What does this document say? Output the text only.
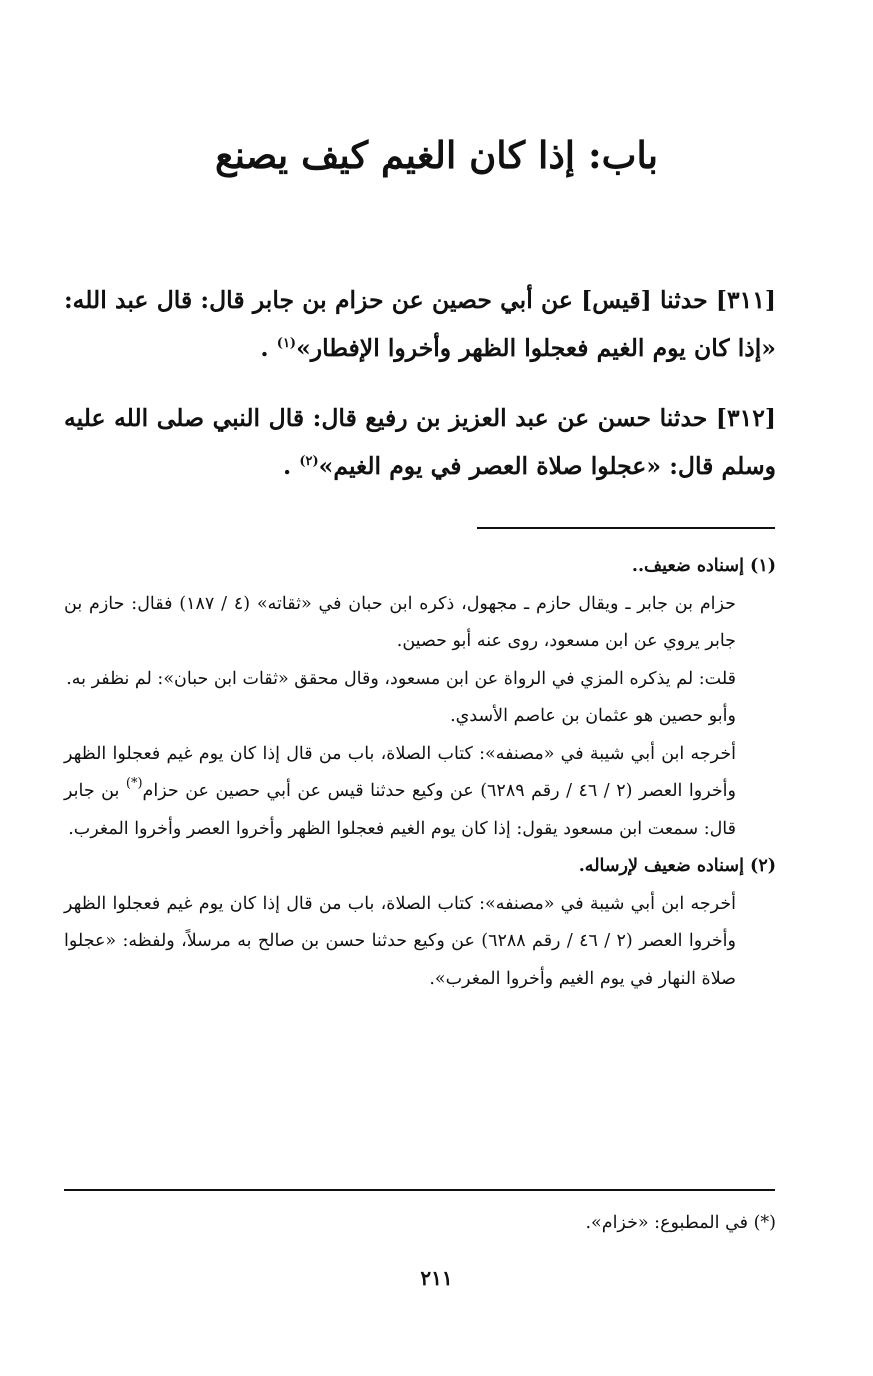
باب: إذا كان الغيم كيف يصنع

[٣١١] حدثنا [قيس] عن أبي حصين عن حزام بن جابر قال: قال عبد الله: «إذا كان يوم الغيم فعجلوا الظهر وأخروا الإفطار»$^{(١)}$ .

[٣١٢] حدثنا حسن عن عبد العزيز بن رفيع قال: قال النبي صلى الله عليه وسلم قال: «عجلوا صلاة العصر في يوم الغيم»$^{(٢)}$ .

(١) إسناده ضعيف..

حزام بن جابر ـ ويقال حازم ـ مجهول، ذكره ابن حبان في «ثقاته» (٤ / ١٨٧) فقال: حازم بن جابر يروي عن ابن مسعود، روى عنه أبو حصين.

قلت: لم يذكره المزي في الرواة عن ابن مسعود، وقال محقق «ثقات ابن حبان»: لم نظفر به.

وأبو حصين هو عثمان بن عاصم الأسدي.

أخرجه ابن أبي شيبة في «مصنفه»: كتاب الصلاة، باب من قال إذا كان يوم غيم فعجلوا الظهر وأخروا العصر (٢ / ٤٦ / رقم ٦٢٨٩) عن وكيع حدثنا قيس عن أبي حصين عن حزام(*) بن جابر قال: سمعت ابن مسعود يقول: إذا كان يوم الغيم فعجلوا الظهر وأخروا العصر وأخروا المغرب.

(٢) إسناده ضعيف لإرساله.

أخرجه ابن أبي شيبة في «مصنفه»: كتاب الصلاة، باب من قال إذا كان يوم غيم فعجلوا الظهر وأخروا العصر (٢ / ٤٦ / رقم ٦٢٨٨) عن وكيع حدثنا حسن بن صالح به مرسلاً، ولفظه: «عجلوا صلاة النهار في يوم الغيم وأخروا المغرب».

(*) في المطبوع: «خزام».

٢١١
